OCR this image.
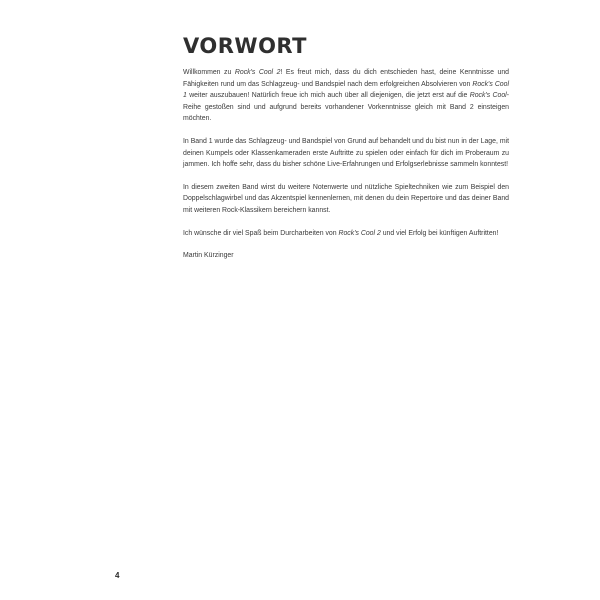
VORWORT

Willkommen zu Rock's Cool 2! Es freut mich, dass du dich entschieden hast, deine Kenntnisse und Fähigkeiten rund um das Schlagzeug- und Bandspiel nach dem erfolgreichen Absolvieren von Rock's Cool 1 weiter auszubauen! Natürlich freue ich mich auch über all diejenigen, die jetzt erst auf die Rock's Cool-Reihe gestoßen sind und aufgrund bereits vorhandener Vorkenntnisse gleich mit Band 2 einsteigen möchten.

In Band 1 wurde das Schlagzeug- und Bandspiel von Grund auf behandelt und du bist nun in der Lage, mit deinen Kumpels oder Klassenkameraden erste Auftritte zu spielen oder einfach für dich im Proberaum zu jammen. Ich hoffe sehr, dass du bisher schöne Live-Erfahrungen und Erfolgserlebnisse sammeln konntest!

In diesem zweiten Band wirst du weitere Notenwerte und nützliche Spieltechniken wie zum Beispiel den Doppelschlagwirbel und das Akzentspiel kennenlernen, mit denen du dein Repertoire und das deiner Band mit weiteren Rock-Klassikern bereichern kannst.

Ich wünsche dir viel Spaß beim Durcharbeiten von Rock's Cool 2 und viel Erfolg bei künftigen Auftritten!

Martin Kürzinger

4
